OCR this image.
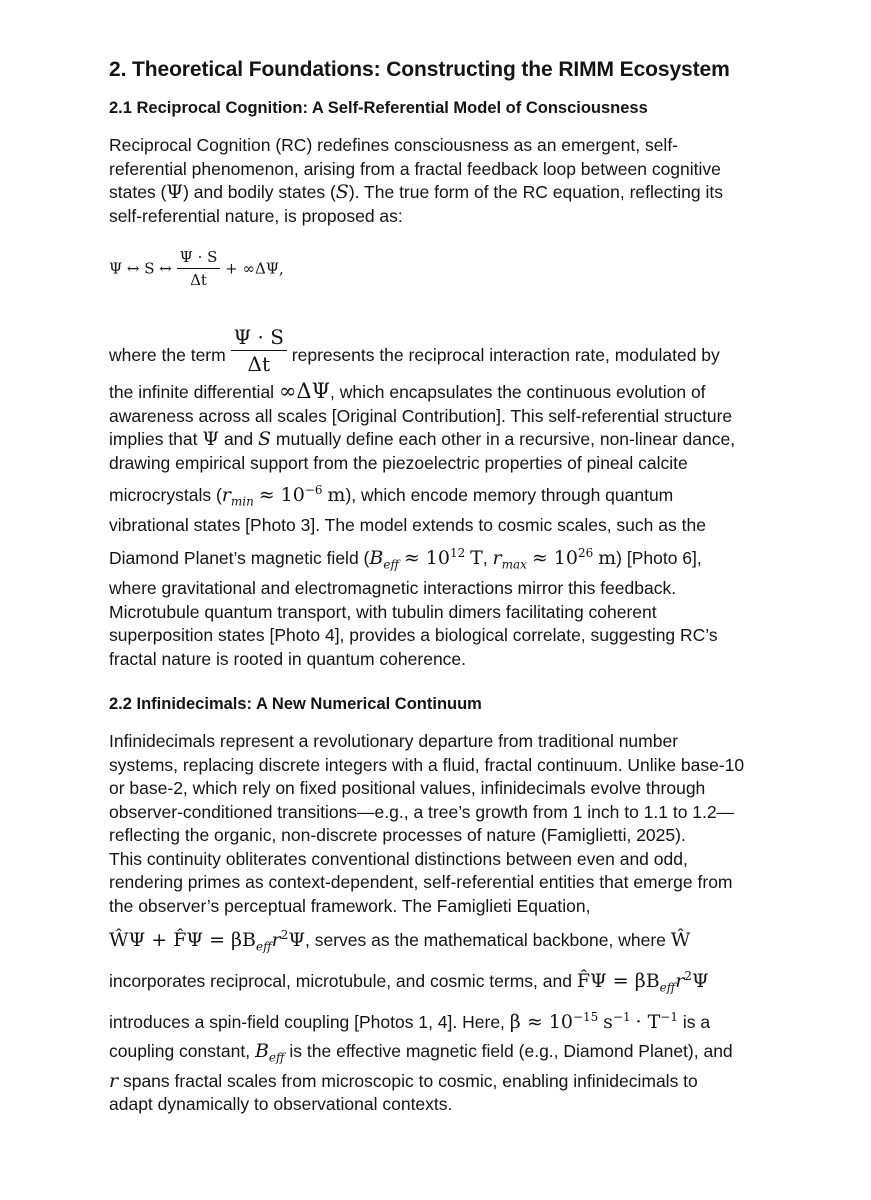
2. Theoretical Foundations: Constructing the RIMM Ecosystem
2.1 Reciprocal Cognition: A Self-Referential Model of Consciousness
Reciprocal Cognition (RC) redefines consciousness as an emergent, self-
referential phenomenon, arising from a fractal feedback loop between cognitive
states (Ψ) and bodily states (S). The true form of the RC equation, reflecting its
self-referential nature, is proposed as:
Ψ ↔ S ↔ $\frac{\Psi \cdot S}{\Delta t} + \infty\Delta\Psi$,
where the term $\frac{\Psi \cdot S}{\Delta t}$ represents the reciprocal interaction rate, modulated by
the infinite differential ∞ΔΨ, which encapsulates the continuous evolution of
awareness across all scales [Original Contribution]. This self-referential structure
implies that Ψ and S mutually define each other in a recursive, non-linear dance,
drawing empirical support from the piezoelectric properties of pineal calcite
microcrystals ($r_{min} \approx 10^{-6}$ m), which encode memory through quantum
vibrational states [Photo 3]. The model extends to cosmic scales, such as the
Diamond Planet’s magnetic field ($B_{eff} \approx 10^{12}$ T, $r_{max} \approx 10^{26}$ m) [Photo 6],
where gravitational and electromagnetic interactions mirror this feedback.
Microtubule quantum transport, with tubulin dimers facilitating coherent
superposition states [Photo 4], provides a biological correlate, suggesting RC’s
fractal nature is rooted in quantum coherence.
2.2 Infinidecimals: A New Numerical Continuum
Infinidecimals represent a revolutionary departure from traditional number
systems, replacing discrete integers with a fluid, fractal continuum. Unlike base-10
or base-2, which rely on fixed positional values, infinidecimals evolve through
observer-conditioned transitions—e.g., a tree’s growth from 1 inch to 1.1 to 1.2—
reflecting the organic, non-discrete processes of nature (Famiglietti, 2025).
This continuity obliterates conventional distinctions between even and odd,
rendering primes as context-dependent, self-referential entities that emerge from
the observer’s perceptual framework. The Famiglieti Equation,
ŴΨ + F̂Ψ = $\beta B_{eff}r^2\Psi$, serves as the mathematical backbone, where Ŵ
incorporates reciprocal, microtubule, and cosmic terms, and F̂Ψ = $\beta B_{eff}r^2\Psi$
introduces a spin-field coupling [Photos 1, 4]. Here, $\beta \approx 10^{-15}$ $s^{-1} \cdot T^{-1}$ is a
coupling constant, $B_{eff}$ is the effective magnetic field (e.g., Diamond Planet), and
r spans fractal scales from microscopic to cosmic, enabling infinidecimals to
adapt dynamically to observational contexts.
